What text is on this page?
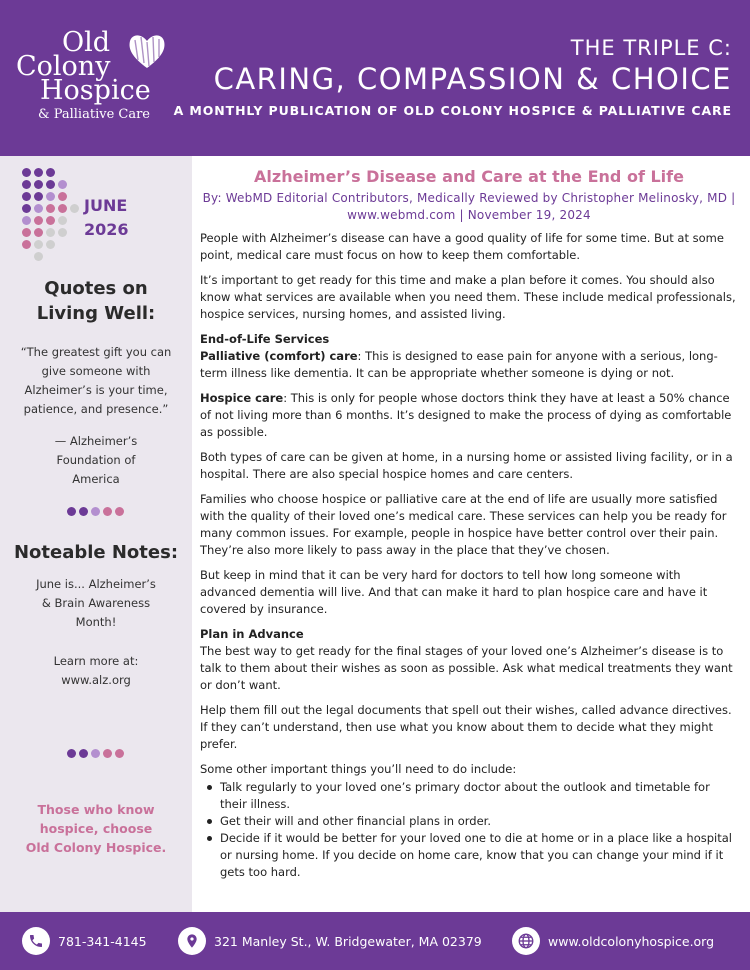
Old
Colony
Hospice
& Palliative Care
THE TRIPLE C:
CARING, COMPASSION & CHOICE
A MONTHLY PUBLICATION OF OLD COLONY HOSPICE & PALLIATIVE CARE
JUNE
2026
Quotes on
Living Well:
“The greatest gift you can give someone with Alzheimer’s is your time, patience, and presence.”
— Alzheimer’s Foundation of America
Noteable Notes:
June is... Alzheimer’s & Brain Awareness Month!
Learn more at: www.alz.org
Those who know hospice, choose
Old Colony Hospice.
Alzheimer’s Disease and Care at the End of Life
By: WebMD Editorial Contributors, Medically Reviewed by Christopher Melinosky, MD | www.webmd.com | November 19, 2024

People with Alzheimer’s disease can have a good quality of life for some time. But at some point, medical care must focus on how to keep them comfortable.

It’s important to get ready for this time and make a plan before it comes. You should also know what services are available when you need them. These include medical professionals, hospice services, nursing homes, and assisted living.

End-of-Life Services

Palliative (comfort) care: This is designed to ease pain for anyone with a serious, long-term illness like dementia. It can be appropriate whether someone is dying or not.

Hospice care: This is only for people whose doctors think they have at least a 50% chance of not living more than 6 months. It’s designed to make the process of dying as comfortable as possible.

Both types of care can be given at home, in a nursing home or assisted living facility, or in a hospital. There are also special hospice homes and care centers.

Families who choose hospice or palliative care at the end of life are usually more satisfied with the quality of their loved one’s medical care. These services can help you be ready for many common issues. For example, people in hospice have better control over their pain. They’re also more likely to pass away in the place that they’ve chosen.

But keep in mind that it can be very hard for doctors to tell how long someone with advanced dementia will live. And that can make it hard to plan hospice care and have it covered by insurance.

Plan in Advance

The best way to get ready for the final stages of your loved one’s Alzheimer’s disease is to talk to them about their wishes as soon as possible. Ask what medical treatments they want or don’t want.

Help them fill out the legal documents that spell out their wishes, called advance directives. If they can’t understand, then use what you know about them to decide what they might prefer.

Some other important things you’ll need to do include:

Talk regularly to your loved one’s primary doctor about the outlook and timetable for their illness.
Get their will and other financial plans in order.
Decide if it would be better for your loved one to die at home or in a place like a hospital or nursing home. If you decide on home care, know that you can change your mind if it gets too hard.
781-341-4145	321 Manley St., W. Bridgewater, MA 02379	www.oldcolonyhospice.org
